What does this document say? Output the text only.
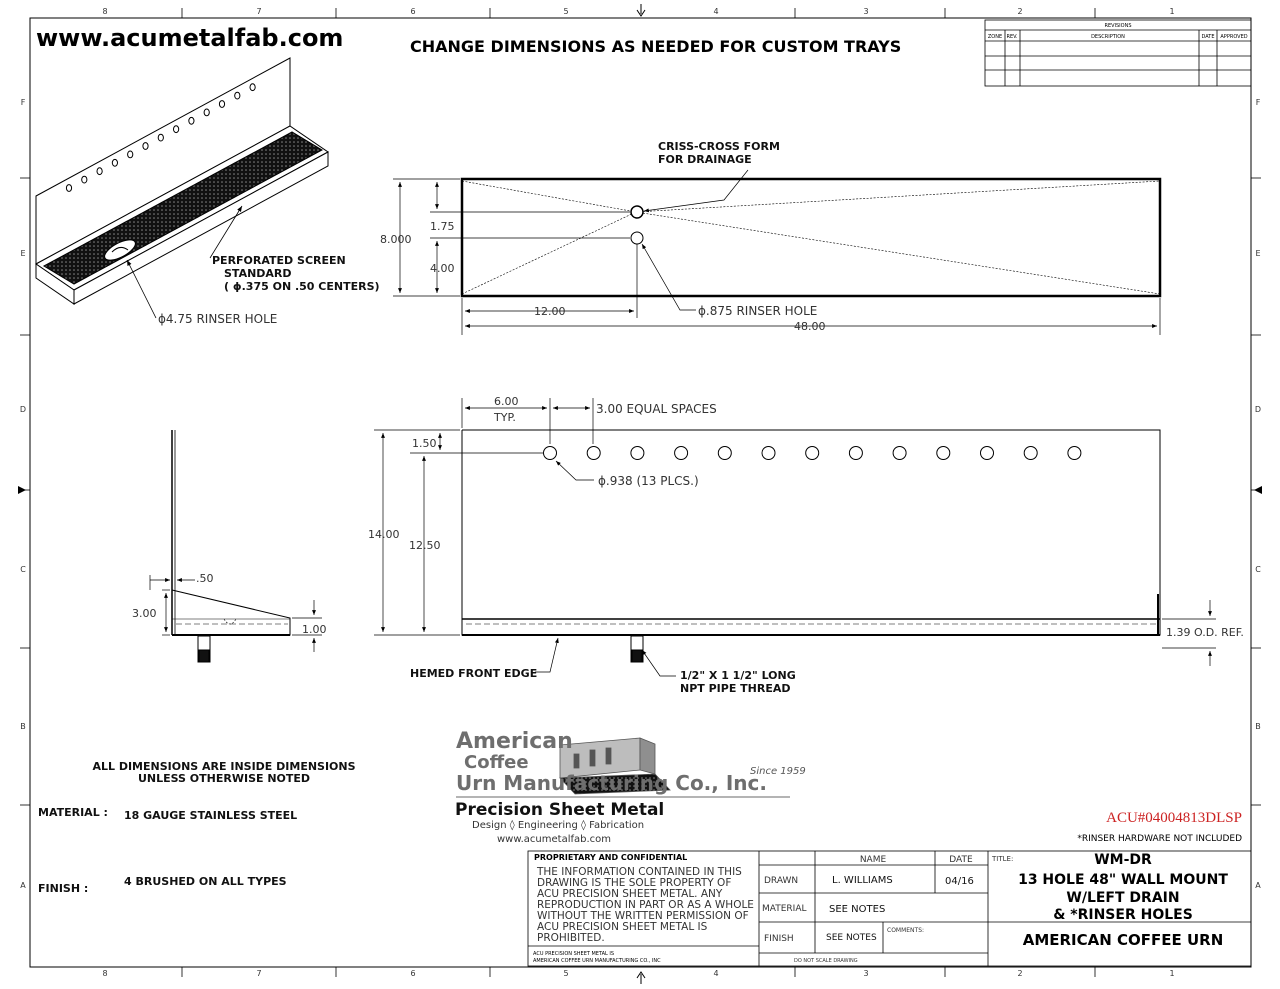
8	7	6	5	4	3	2	1
8	7	6	5	4	3	2	1
F
E
D
C
B
A
F
E
D
C
B
A
www.acumetalfab.com	CHANGE DIMENSIONS AS NEEDED FOR CUSTOM TRAYS
REVISIONS
ZONE REV.	DESCRIPTION	DATE APPROVED
PERFORATED SCREEN
STANDARD
( ϕ.375 ON .50 CENTERS)
ϕ4.75 RINSER HOLE
CRISS-CROSS FORM
FOR DRAINAGE
8.000
1.75
4.00
12.00
48.00
ϕ.875 RINSER HOLE
6.00
TYP.
3.00 EQUAL SPACES
1.50
ϕ.938 (13 PLCS.)
14.00
12.50
1.39 O.D. REF.
HEMED FRONT EDGE	1/2" X 1 1/2" LONG
NPT PIPE THREAD
.50
3.00
1.00
ALL DIMENSIONS ARE INSIDE DIMENSIONS
UNLESS OTHERWISE NOTED
MATERIAL : 18 GAUGE STAINLESS STEEL
FINISH :
4 BRUSHED ON ALL TYPES
American
Coffee
Urn Manufacturing Co., Inc.
Since 1959
Precision Sheet Metal
Design ◊ Engineering ◊ Fabrication
www.acumetalfab.com
ACU#04004813DLSP
*RINSER HARDWARE NOT INCLUDED
PROPRIETARY AND CONFIDENTIAL
THE INFORMATION CONTAINED IN THIS
DRAWING IS THE SOLE PROPERTY OF
ACU PRECISION SHEET METAL. ANY
REPRODUCTION IN PART OR AS A WHOLE
WITHOUT THE WRITTEN PERMISSION OF
ACU PRECISION SHEET METAL IS
PROHIBITED.
ACU PRECISION SHEET METAL IS
AMERICAN COFFEE URN MANUFACTURING CO., INC
NAME	DATE
DRAWN	L. WILLIAMS	04/16
MATERIAL SEE NOTES
FINISH	SEE NOTES
COMMENTS:
DO NOT SCALE DRAWING
TITLE:	WM-DR
13 HOLE 48" WALL MOUNT
W/LEFT DRAIN
& *RINSER HOLES
AMERICAN COFFEE URN
